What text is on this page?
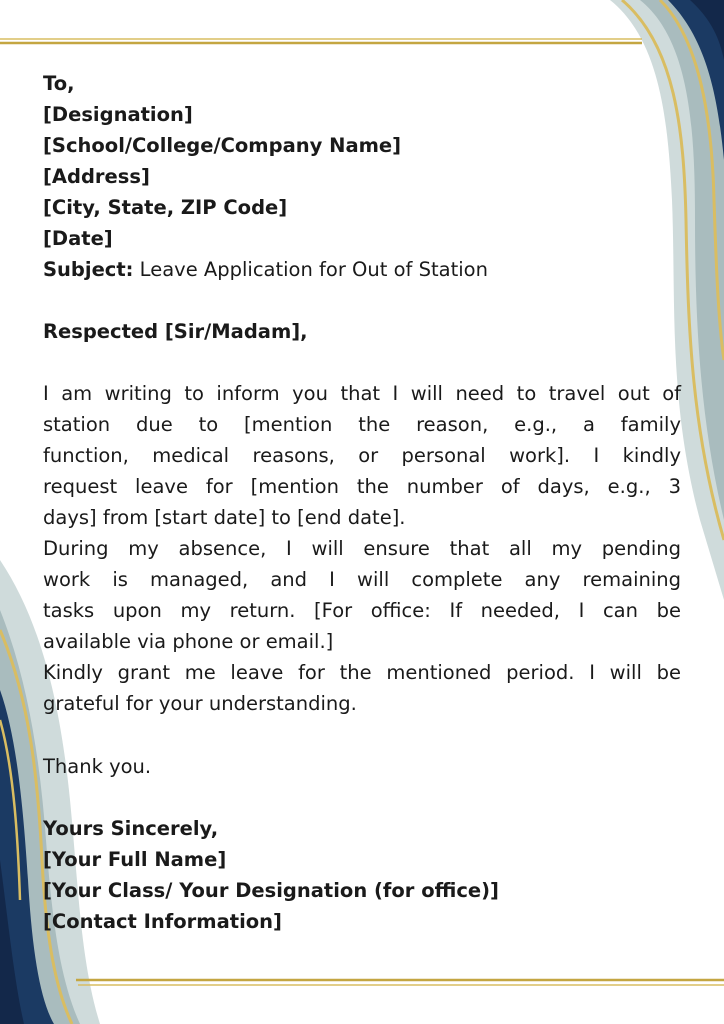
To,
[Designation]
[School/College/Company Name]
[Address]
[City, State, ZIP Code]
[Date]
Subject: Leave Application for Out of Station
Respected [Sir/Madam],
I am writing to inform you that I will need to travel out of
station due to [mention the reason, e.g., a family
function, medical reasons, or personal work]. I kindly
request leave for [mention the number of days, e.g., 3
days] from [start date] to [end date].
During my absence, I will ensure that all my pending
work is managed, and I will complete any remaining
tasks upon my return. [For office: If needed, I can be
available via phone or email.]
Kindly grant me leave for the mentioned period. I will be
grateful for your understanding.
Thank you.
Yours Sincerely,
[Your Full Name]
[Your Class/ Your Designation (for office)]
[Contact Information]
